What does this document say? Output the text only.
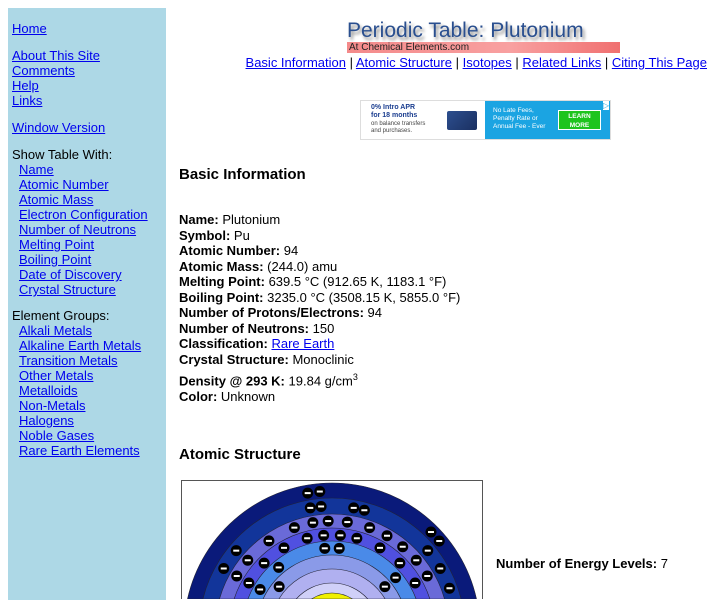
Home
About This Site
Comments
Help
Links
Window Version
Show Table With:
Name
Atomic Number
Atomic Mass
Electron Configuration
Number of Neutrons
Melting Point
Boiling Point
Date of Discovery
Crystal Structure
Element Groups:
Alkali Metals
Alkaline Earth Metals
Transition Metals
Other Metals
Metalloids
Non-Metals
Halogens
Noble Gases
Rare Earth Elements
Periodic Table: Plutonium
At Chemical Elements.com
Basic Information | Atomic Structure | Isotopes | Related Links | Citing This Page
0% Intro APR
for 18 months
on balance transfers
and purchases.
No Late Fees,
Penalty Rate or
Annual Fee - Ever
LEARN MORE
▷
Basic Information
Name: Plutonium
Symbol: Pu
Atomic Number: 94
Atomic Mass: (244.0) amu
Melting Point: 639.5 °C (912.65 K, 1183.1 °F)
Boiling Point: 3235.0 °C (3508.15 K, 5855.0 °F)
Number of Protons/Electrons: 94
Number of Neutrons: 150
Classification: Rare Earth
Crystal Structure: Monoclinic
Density @ 293 K: 19.84 $g/cm^3$
Color: Unknown
Atomic Structure
Number of Energy Levels: 7
